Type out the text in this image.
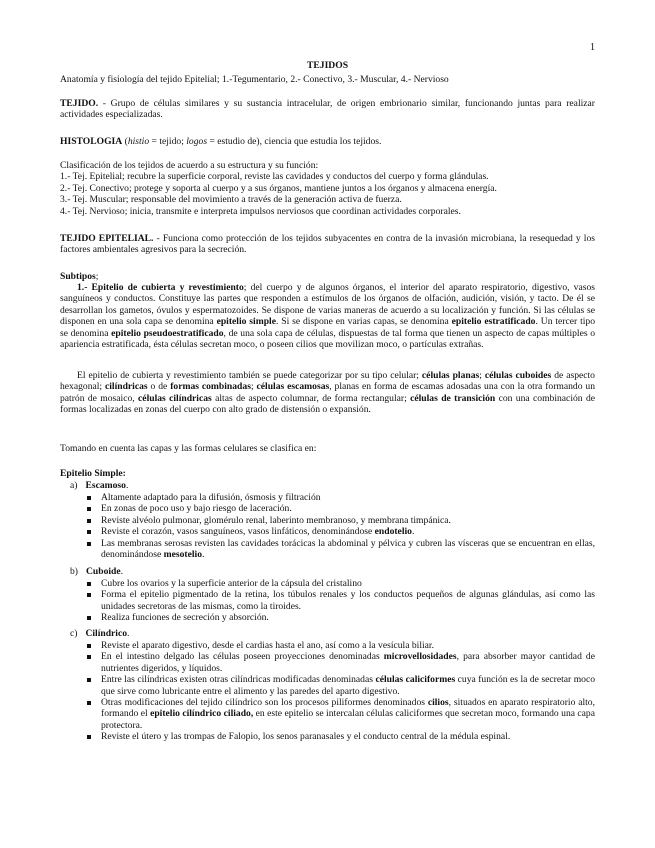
1
TEJIDOS
Anatomía y fisiología del tejido Epitelial; 1.-Tegumentario, 2.- Conectivo, 3.- Muscular, 4.- Nervioso
TEJIDO. - Grupo de células similares y su sustancia intracelular, de origen embrionario similar, funcionando juntas para realizar actividades especializadas.
HISTOLOGIA (histio = tejido; logos = estudio de), ciencia que estudia los tejidos.
Clasificación de los tejidos de acuerdo a su estructura y su función:
1.- Tej. Epitelial; recubre la superficie corporal, reviste las cavidades y conductos del cuerpo y forma glándulas.
2.- Tej. Conectivo; protege y soporta al cuerpo y a sus órganos, mantiene juntos a los órganos y almacena energía.
3.- Tej. Muscular; responsable del movimiento a través de la generación activa de fuerza.
4.- Tej. Nervioso; inicia, transmite e interpreta impulsos nerviosos que coordinan actividades corporales.
TEJIDO EPITELIAL. - Funciona como protección de los tejidos subyacentes en contra de la invasión microbiana, la resequedad y los factores ambientales agresivos para la secreción.
Subtipos;
1.- Epitelio de cubierta y revestimiento; del cuerpo y de algunos órganos, el interior del aparato respiratorio, digestivo, vasos sanguíneos y conductos. Constituye las partes que responden a estímulos de los órganos de olfación, audición, visión, y tacto. De él se desarrollan los gametos, óvulos y espermatozoides. Se dispone de varias maneras de acuerdo a su localización y función. Si las células se disponen en una sola capa se denomina epitelio simple. Si se dispone en varias capas, se denomina epitelio estratificado. Un tercer tipo se denomina epitelio pseudoestratificado, de una sola capa de células, dispuestas de tal forma que tienen un aspecto de capas múltiples o apariencia estratificada, ésta células secretan moco, o poseen cilios que movilizan moco, o partículas extrañas.
El epitelio de cubierta y revestimiento también se puede categorizar por su tipo celular; células planas; células cuboides de aspecto hexagonal; cilíndricas o de formas combinadas; células escamosas, planas en forma de escamas adosadas una con la otra formando un patrón de mosaico, células cilíndricas altas de aspecto columnar, de forma rectangular; células de transición con una combinación de formas localizadas en zonas del cuerpo con alto grado de distensión o expansión.
Tomando en cuenta las capas y las formas celulares se clasifica en:
Epitelio Simple:
a) Escamoso.
Altamente adaptado para la difusión, ósmosis y filtración
En zonas de poco uso y bajo riesgo de laceración.
Reviste alvéolo pulmonar, glomérulo renal, laberinto membranoso, y membrana timpánica.
Reviste el corazón, vasos sanguíneos, vasos linfáticos, denominándose endotelio.
Las membranas serosas revisten las cavidades torácicas la abdominal y pélvica y cubren las vísceras que se encuentran en ellas, denominándose mesotelio.
b) Cuboide.
Cubre los ovarios y la superficie anterior de la cápsula del cristalino
Forma el epitelio pigmentado de la retina, los túbulos renales y los conductos pequeños de algunas glándulas, así como las unidades secretoras de las mismas, como la tiroides.
Realiza funciones de secreción y absorción.
c) Cilíndrico.
Reviste el aparato digestivo, desde el cardias hasta el ano, así como a la vesícula biliar.
En el intestino delgado las células poseen proyecciones denominadas microvellosidades, para absorber mayor cantidad de nutrientes digeridos, y líquidos.
Entre las cilíndricas existen otras cilíndricas modificadas denominadas células caliciformes cuya función es la de secretar moco que sirve como lubricante entre el alimento y las paredes del aparto digestivo.
Otras modificaciones del tejido cilíndrico son los procesos piliformes denominados cilios, situados en aparato respiratorio alto, formando el epitelio cilíndrico ciliado, en este epitelio se intercalan células caliciformes que secretan moco, formando una capa protectora.
Reviste el útero y las trompas de Falopio, los senos paranasales y el conducto central de la médula espinal.
